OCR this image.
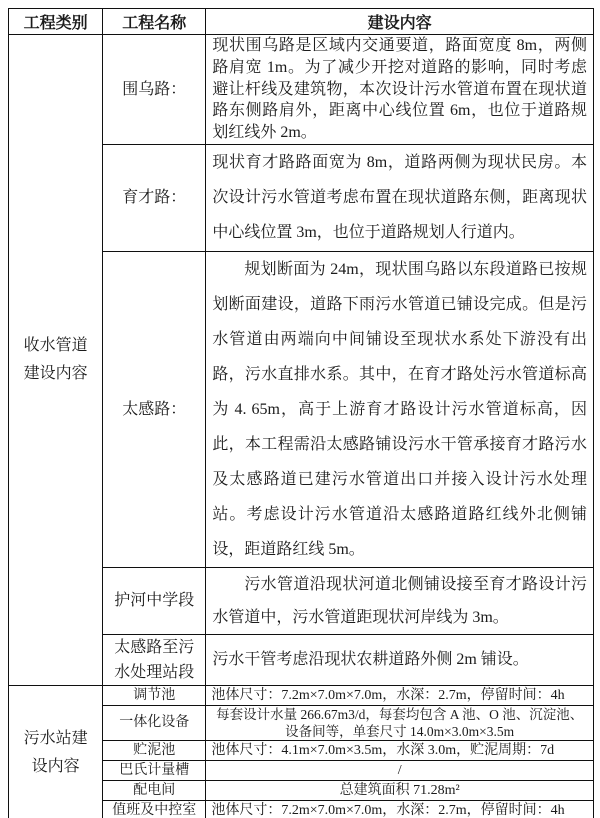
工程类别	工程名称	建设内容
收水管道建设内容	围乌路：	现状围乌路是区域内交通要道，路面宽度 8m，两侧路肩宽 1m。为了减少开挖对道路的影响，同时考虑避让杆线及建筑物，本次设计污水管道布置在现状道路东侧路肩外，距离中心线位置 6m，也位于道路规划红线外 2m。
	育才路：	现状育才路路面宽为 8m，道路两侧为现状民房。本次设计污水管道考虑布置在现状道路东侧，距离现状中心线位置 3m，也位于道路规划人行道内。
	太感路：	规划断面为 24m，现状围乌路以东段道路已按规划断面建设，道路下雨污水管道已铺设完成。但是污水管道由两端向中间铺设至现状水系处下游没有出路，污水直排水系。其中，在育才路处污水管道标高为 4. 65m，高于上游育才路设计污水管道标高，因此，本工程需沿太感路铺设污水干管承接育才路污水及太感路道已建污水管道出口并接入设计污水处理站。考虑设计污水管道沿太感路道路红线外北侧铺设，距道路红线 5m。
	护河中学段	污水管道沿现状河道北侧铺设接至育才路设计污水管道中，污水管道距现状河岸线为 3m。
	太感路至污水处理站段	污水干管考虑沿现状农耕道路外侧 2m 铺设。
污水站建设内容	调节池	池体尺寸：7.2m×7.0m×7.0m，水深：2.7m，停留时间：4h
	一体化设备	每套设计水量 266.67m3/d，每套均包含 A 池、O 池、沉淀池、设备间等，单套尺寸 14.0m×3.0m×3.5m
	贮泥池	池体尺寸：4.1m×7.0m×3.5m，水深 3.0m，贮泥周期：7d
	巴氏计量槽	/
	配电间	总建筑面积 71.28m²
	值班及中控室	池体尺寸：7.2m×7.0m×7.0m，水深：2.7m，停留时间：4h
